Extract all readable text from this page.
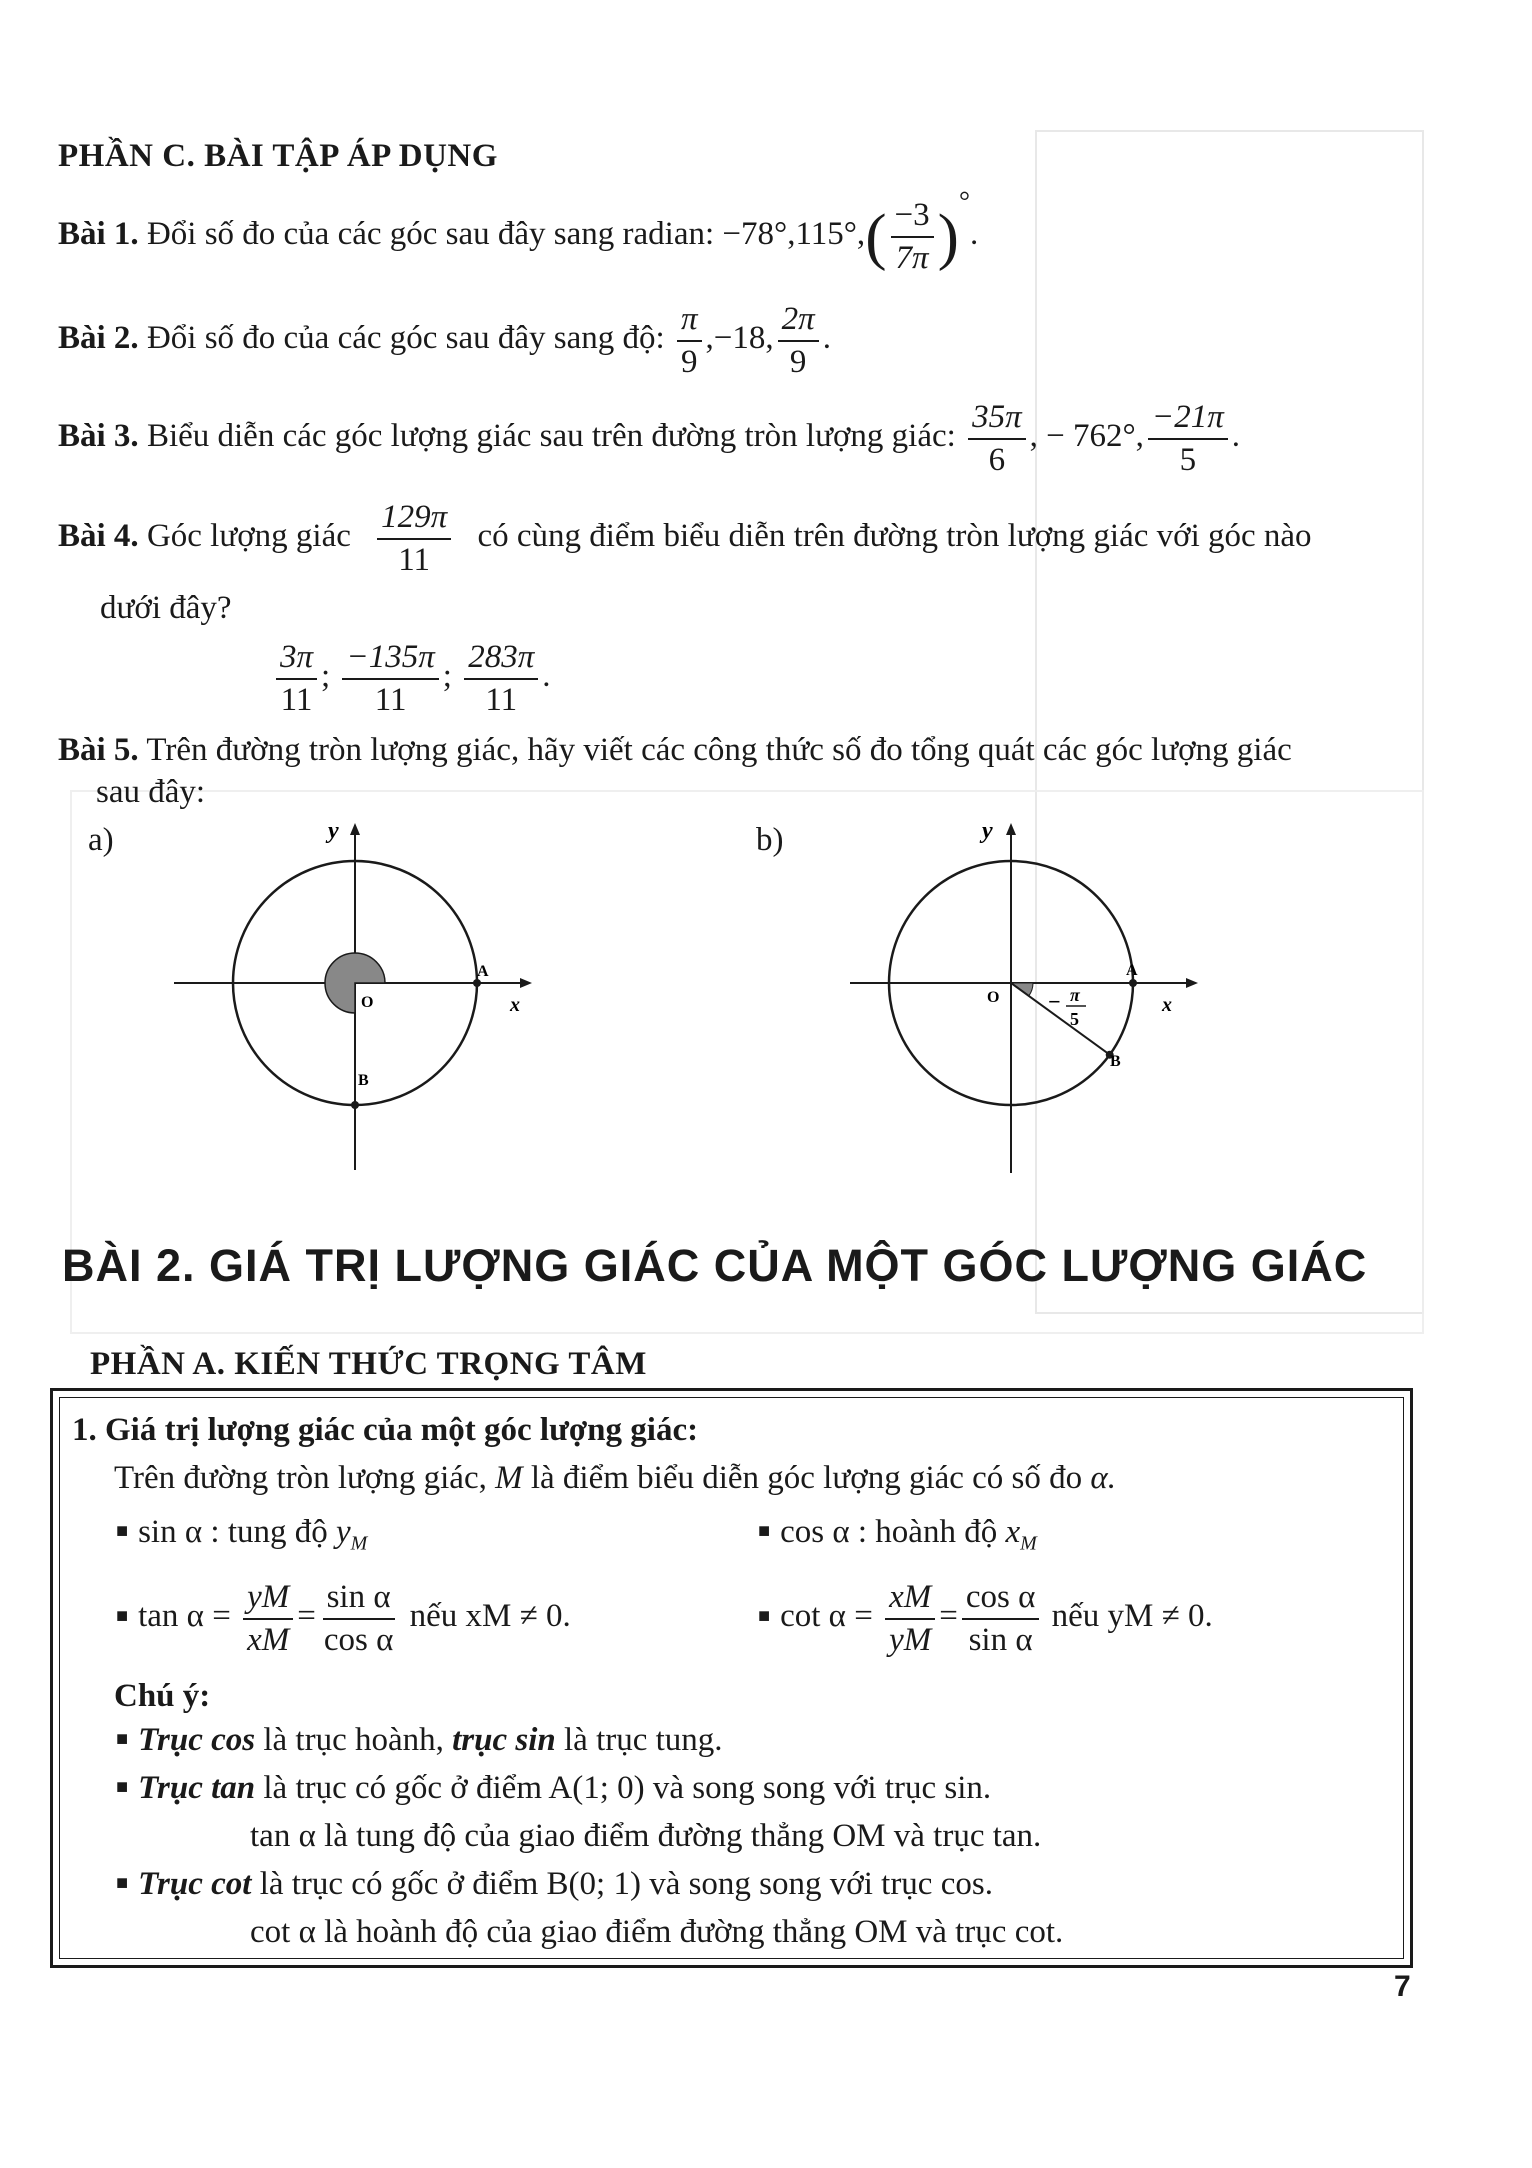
PHẦN C. BÀI TẬP ÁP DỤNG
Bài 1. Đổi số đo của các góc sau đây sang radian: $-78^\circ,115^\circ,( \frac{-3}{7\pi} )^\circ$.
Bài 2. Đổi số đo của các góc sau đây sang độ: $\frac{\pi}{9} ,-18$, $\frac{2\pi}{9}$ .
Bài 3. Biểu diễn các góc lượng giác sau trên đường tròn lượng giác: $\frac{35\pi}{6}$ , − 762°, $\frac{-21\pi}{5}$ .
Bài 4. Góc lượng giác $\frac{129\pi}{11}$ có cùng điểm biểu diễn trên đường tròn lượng giác với góc nào
dưới đây?
$\frac{3\pi}{11}$ ; $\frac{-135\pi}{11}$ ; $\frac{283\pi}{11}$ .
Bài 5. Trên đường tròn lượng giác, hãy viết các công thức số đo tổng quát các góc lượng giác
sau đây:
a)	y
x
O
A
B
b)	y
x
O
A
B
− π
5
BÀI 2. GIÁ TRỊ LƯỢNG GIÁC CỦA MỘT GÓC LƯỢNG GIÁC
PHẦN A. KIẾN THỨC TRỌNG TÂM
1. Giá trị lượng giác của một góc lượng giác:
Trên đường tròn lượng giác, M là điểm biểu diễn góc lượng giác có số đo α.
■ sin α : tung độ $y_M$
■ cos α : hoành độ $x_M$
■ $\tan \alpha = \frac{yM}{xM} = \frac{\text{sin α}}{\text{cos α}}$ nếu xM ≠ 0.	■ $\cot \alpha = \frac{xM}{yM} = \frac{\text{cos α}}{\text{sin α}}$ nếu yM ≠ 0.
Chú ý:
■ Trục cos là trục hoành, trục sin là trục tung.
■ Trục tan là trục có gốc ở điểm A(1; 0) và song song với trục sin.
tan α là tung độ của giao điểm đường thẳng OM và trục tan.
■ Trục cot là trục có gốc ở điểm B(0; 1) và song song với trục cos.
cot α là hoành độ của giao điểm đường thẳng OM và trục cot.
7
